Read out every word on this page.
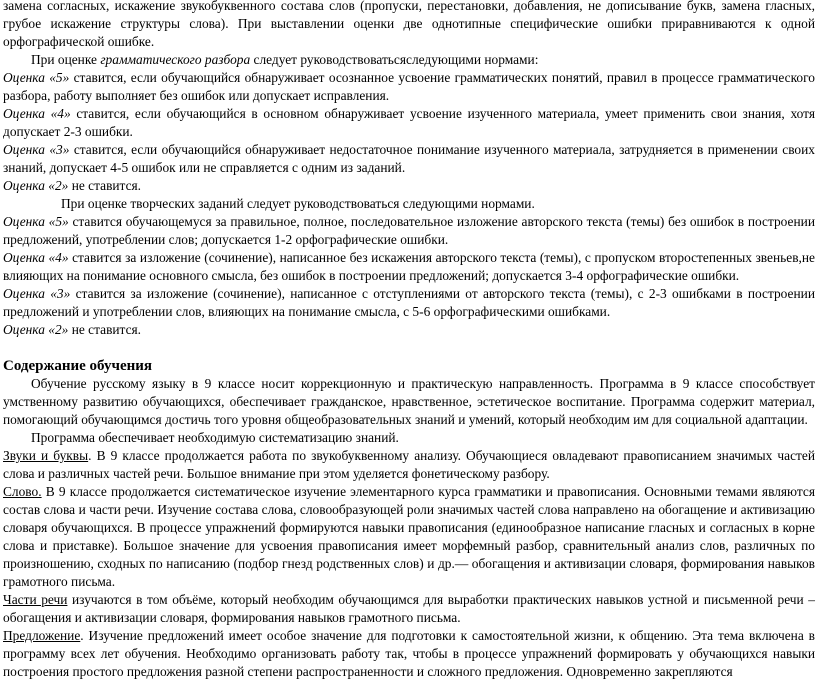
замена согласных, искажение звукобуквенного состава слов (пропуски, перестановки, добавления, не дописывание букв, замена гласных, грубое искажение структуры слова). При выставлении оценки две однотипные специфические ошибки приравниваются к одной орфографической ошибке.

При оценке грамматического разбора следует руководствоватьсяследующими нормами:

Оценка «5» ставится, если обучающийся обнаруживает осознанное усвоение грамматических понятий, правил в процессе грамматического разбора, работу выполняет без ошибок или допускает исправления.

Оценка «4» ставится, если обучающийся в основном обнаруживает усвоение изученного материала, умеет применить свои знания, хотя допускает 2-3 ошибки.

Оценка «3» ставится, если обучающийся обнаруживает недостаточное понимание изученного материала, затрудняется в применении своих знаний, допускает 4-5 ошибок или не справляется с одним из заданий.

Оценка «2» не ставится.

При оценке творческих заданий следует руководствоваться следующими нормами.

Оценка «5» ставится обучающемуся за правильное, полное, последовательное изложение авторского текста (темы) без ошибок в построении предложений, употреблении слов; допускается 1-2 орфографические ошибки.

Оценка «4» ставится за изложение (сочинение), написанное без искажения авторского текста (темы), с пропуском второстепенных звеньев,не влияющих на понимание основного смысла, без ошибок в построении предложений; допускается 3-4 орфографические ошибки.

Оценка «3» ставится за изложение (сочинение), написанное с отступлениями от авторского текста (темы), с 2-3 ошибками в построении предложений и употреблении слов, влияющих на понимание смысла, с 5-6 орфографическими ошибками.

Оценка «2» не ставится.

Содержание обучения

Обучение русскому языку в 9 классе носит коррекционную и практическую направленность. Программа в 9 классе способствует умственному развитию обучающихся, обеспечивает гражданское, нравственное, эстетическое воспитание. Программа содержит материал, помогающий обучающимся достичь того уровня общеобразовательных знаний и умений, который необходим им для социальной адаптации.

Программа обеспечивает необходимую систематизацию знаний.

Звуки и буквы. В 9 классе продолжается работа по звукобуквенному анализу. Обучающиеся овладевают правописанием значимых частей слова и различных частей речи. Большое внимание при этом уделяется фонетическому разбору.

Слово. В 9 классе продолжается систематическое изучение элементарного курса грамматики и правописания. Основными темами являются состав слова и части речи. Изучение состава слова, словообразующей роли значимых частей слова направлено на обогащение и активизацию словаря обучающихся. В процессе упражнений формируются навыки правописания (единообразное написание гласных и согласных в корне слова и приставке). Большое значение для усвоения правописания имеет морфемный разбор, сравнительный анализ слов, различных по произношению, сходных по написанию (подбор гнезд родственных слов) и др.— обогащения и активизации словаря, формирования навыков грамотного письма.

Части речи изучаются в том объёме, который необходим обучающимся для выработки практических навыков устной и письменной речи – обогащения и активизации словаря, формирования навыков грамотного письма.

Предложение. Изучение предложений имеет особое значение для подготовки к самостоятельной жизни, к общению. Эта тема включена в программу всех лет обучения. Необходимо организовать работу так, чтобы в процессе упражнений формировать у обучающихся навыки построения простого предложения разной степени распространенности и сложного предложения. Одновременно закрепляются
